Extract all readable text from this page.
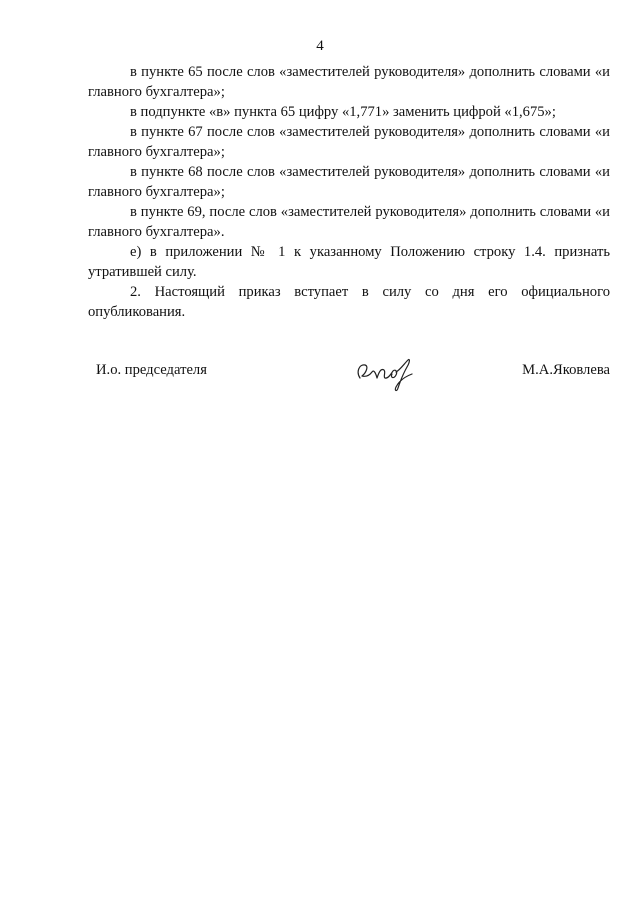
4

в пункте 65 после слов «заместителей руководителя» дополнить словами «и главного бухгалтера»;

в подпункте «в» пункта 65 цифру «1,771» заменить цифрой «1,675»;

в пункте 67 после слов «заместителей руководителя» дополнить словами «и главного бухгалтера»;

в пункте 68 после слов «заместителей руководителя» дополнить словами «и главного бухгалтера»;

в пункте 69, после слов «заместителей руководителя» дополнить словами «и главного бухгалтера».

е) в приложении № 1 к указанному Положению строку 1.4. признать утратившей силу.

2. Настоящий приказ вступает в силу со дня его официального опубликования.

И.о. председателя	М.А.Яковлева
